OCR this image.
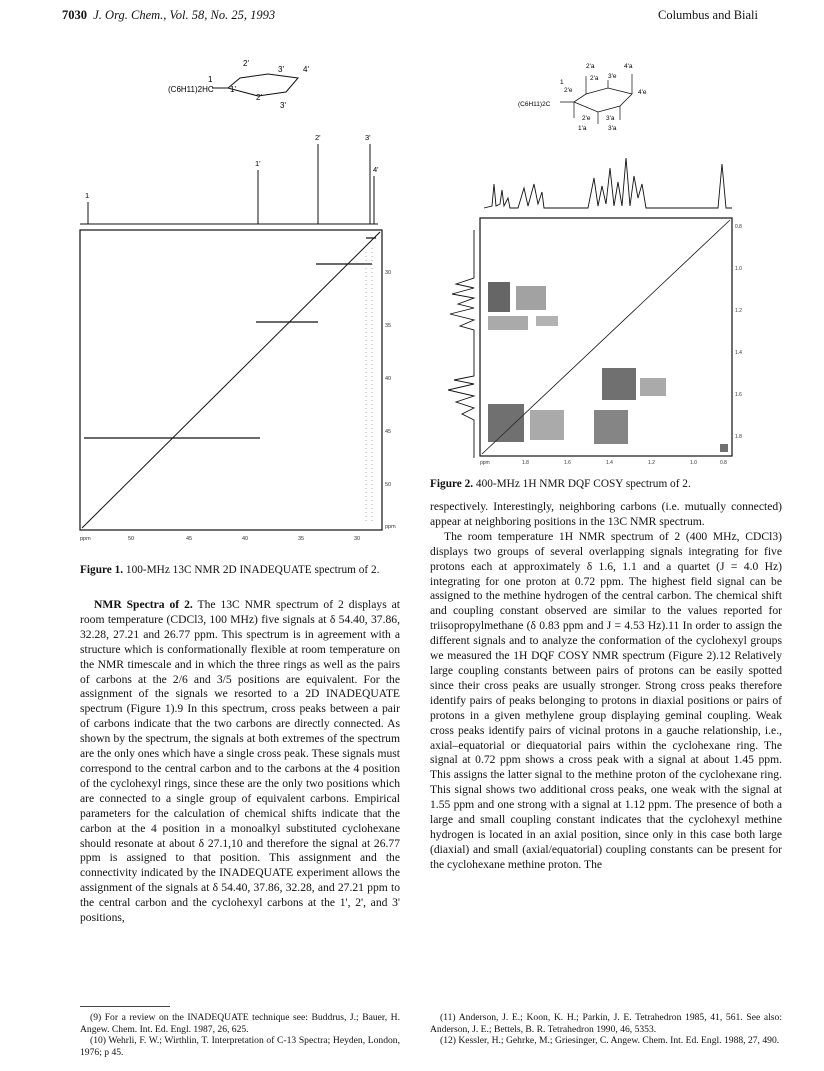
7030 J. Org. Chem., Vol. 58, No. 25, 1993	Columbus and Biali
(C6H11)2HC
1
1'
2'
2'
3'
3'
4'
1
1'
2'	3'
4'
ppm	50	45	40	35	30
30
35
40
45
50
ppm
Figure 1. 100-MHz 13C NMR 2D INADEQUATE spectrum of 2.
(C6H11)2C
2'a	4'a
3'e
2'a
2'e	4'e
1
2'e 3'a
1'a	3'a
ppm	1.8	1.6	1.4	1.2	1.0	0.8
0.8
1.0
1.2
1.4
1.6
1.8
Figure 2. 400-MHz 1H NMR DQF COSY spectrum of 2.

NMR Spectra of 2. The 13C NMR spectrum of 2 displays at room temperature (CDCl3, 100 MHz) five signals at δ 54.40, 37.86, 32.28, 27.21 and 26.77 ppm. This spectrum is in agreement with a structure which is conformationally flexible at room temperature on the NMR timescale and in which the three rings as well as the pairs of carbons at the 2/6 and 3/5 positions are equivalent. For the assignment of the signals we resorted to a 2D INADEQUATE spectrum (Figure 1).9 In this spectrum, cross peaks between a pair of carbons indicate that the two carbons are directly connected. As shown by the spectrum, the signals at both extremes of the spectrum are the only ones which have a single cross peak. These signals must correspond to the central carbon and to the carbons at the 4 position of the cyclohexyl rings, since these are the only two positions which are connected to a single group of equivalent carbons. Empirical parameters for the calculation of chemical shifts indicate that the carbon at the 4 position in a monoalkyl substituted cyclohexane should resonate at about δ 27.1,10 and therefore the signal at 26.77 ppm is assigned to that position. This assignment and the connectivity indicated by the INADEQUATE experiment allows the assignment of the signals at δ 54.40, 37.86, 32.28, and 27.21 ppm to the central carbon and the cyclohexyl carbons at the 1', 2', and 3' positions,

respectively. Interestingly, neighboring carbons (i.e. mutually connected) appear at neighboring positions in the 13C NMR spectrum.

The room temperature 1H NMR spectrum of 2 (400 MHz, CDCl3) displays two groups of several overlapping signals integrating for five protons each at approximately δ 1.6, 1.1 and a quartet (J = 4.0 Hz) integrating for one proton at 0.72 ppm. The highest field signal can be assigned to the methine hydrogen of the central carbon. The chemical shift and coupling constant observed are similar to the values reported for triisopropylmethane (δ 0.83 ppm and J = 4.53 Hz).11 In order to assign the different signals and to analyze the conformation of the cyclohexyl groups we measured the 1H DQF COSY NMR spectrum (Figure 2).12 Relatively large coupling constants between pairs of protons can be easily spotted since their cross peaks are usually stronger. Strong cross peaks therefore identify pairs of peaks belonging to protons in diaxial positions or pairs of protons in a given methylene group displaying geminal coupling. Weak cross peaks identify pairs of vicinal protons in a gauche relationship, i.e., axial–equatorial or diequatorial pairs within the cyclohexane ring. The signal at 0.72 ppm shows a cross peak with a signal at about 1.45 ppm. This assigns the latter signal to the methine proton of the cyclohexane ring. This signal shows two additional cross peaks, one weak with the signal at 1.55 ppm and one strong with a signal at 1.12 ppm. The presence of both a large and small coupling constant indicates that the cyclohexyl methine hydrogen is located in an axial position, since only in this case both large (diaxial) and small (axial/equatorial) coupling constants can be present for the cyclohexane methine proton. The

(9) For a review on the INADEQUATE technique see: Buddrus, J.; Bauer, H. Angew. Chem. Int. Ed. Engl. 1987, 26, 625.

(10) Wehrli, F. W.; Wirthlin, T. Interpretation of C-13 Spectra; Heyden, London, 1976; p 45.

(11) Anderson, J. E.; Koon, K. H.; Parkin, J. E. Tetrahedron 1985, 41, 561. See also: Anderson, J. E.; Bettels, B. R. Tetrahedron 1990, 46, 5353.

(12) Kessler, H.; Gehrke, M.; Griesinger, C. Angew. Chem. Int. Ed. Engl. 1988, 27, 490.
